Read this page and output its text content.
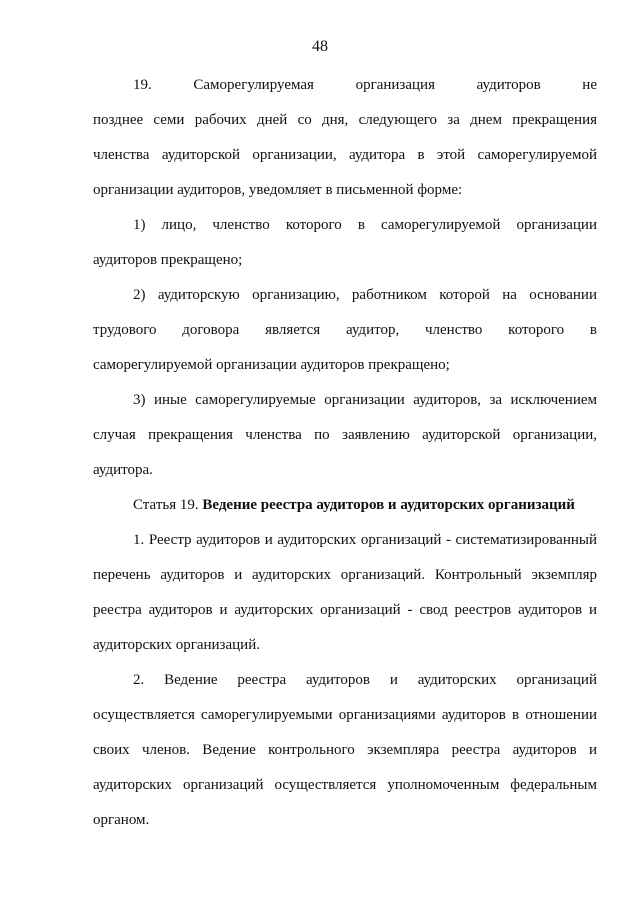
48
19. Саморегулируемая организация аудиторов не
позднее семи рабочих дней со дня, следующего за днем прекращения
членства аудиторской организации, аудитора в этой саморегулируемой
организации аудиторов, уведомляет в письменной форме:
1) лицо, членство которого в саморегулируемой организации
аудиторов прекращено;
2) аудиторскую организацию, работником которой на основании
трудового договора является аудитор, членство которого в
саморегулируемой организации аудиторов прекращено;
3) иные саморегулируемые организации аудиторов, за исключением
случая прекращения членства по заявлению аудиторской организации,
аудитора.
Статья 19. Ведение реестра аудиторов и аудиторских организаций
1. Реестр аудиторов и аудиторских организаций - систематизированный
перечень аудиторов и аудиторских организаций. Контрольный экземпляр
реестра аудиторов и аудиторских организаций - свод реестров аудиторов и
аудиторских организаций.
2. Ведение реестра аудиторов и аудиторских организаций
осуществляется саморегулируемыми организациями аудиторов в отношении
своих членов. Ведение контрольного экземпляра реестра аудиторов и
аудиторских организаций осуществляется уполномоченным федеральным
органом.
